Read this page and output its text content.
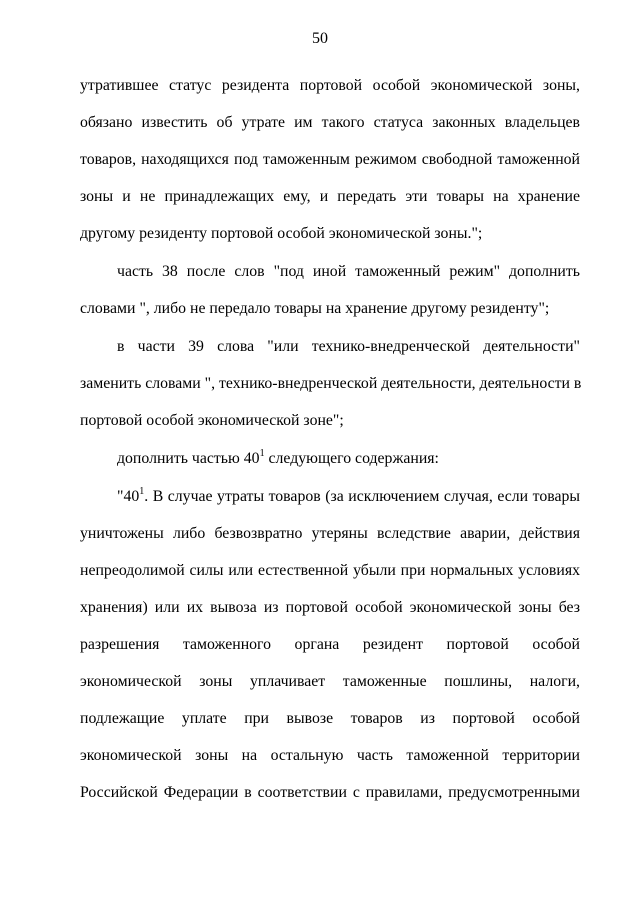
50
утратившее статус резидента портовой особой экономической зоны,
обязано известить об утрате им такого статуса законных владельцев
товаров, находящихся под таможенным режимом свободной таможенной
зоны и не принадлежащих ему, и передать эти товары на хранение
другому резиденту портовой особой экономической зоны.";
часть 38 после слов "под иной таможенный режим" дополнить
словами ", либо не передало товары на хранение другому резиденту";
в части 39 слова "или технико-внедренческой деятельности"
заменить словами ", технико-внедренческой деятельности, деятельности в
портовой особой экономической зоне";
дополнить частью $40^1$ следующего содержания:
"$40^1$. В случае утраты товаров (за исключением случая, если товары
уничтожены либо безвозвратно утеряны вследствие аварии, действия
непреодолимой силы или естественной убыли при нормальных условиях
хранения) или их вывоза из портовой особой экономической зоны без
разрешения таможенного органа резидент портовой особой
экономической зоны уплачивает таможенные пошлины, налоги,
подлежащие уплате при вывозе товаров из портовой особой
экономической зоны на остальную часть таможенной территории
Российской Федерации в соответствии с правилами, предусмотренными
